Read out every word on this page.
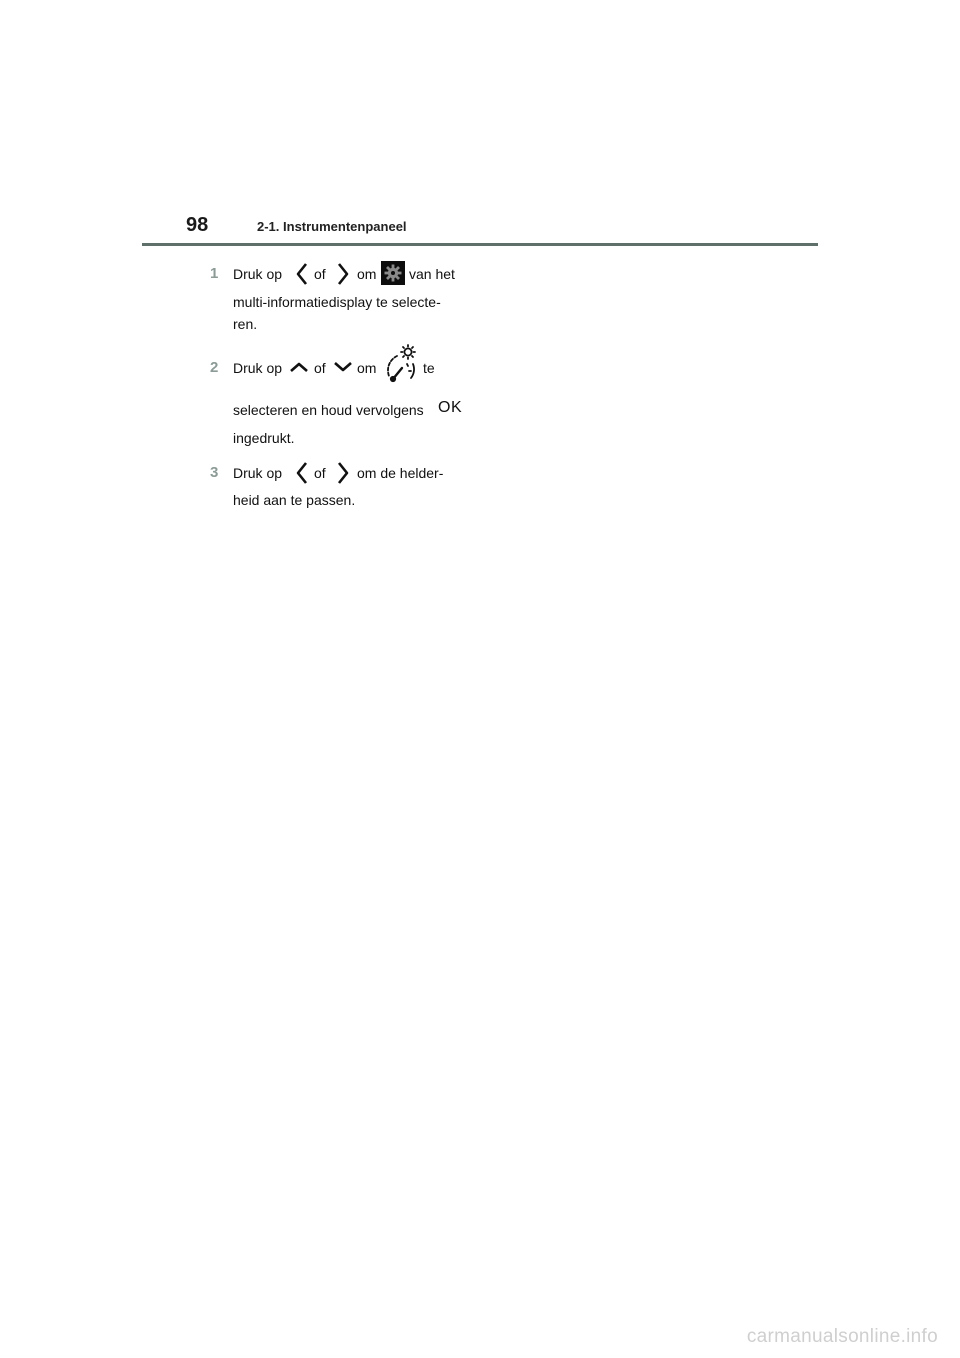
98	2-1. Instrumentenpaneel
1	Druk op of om van het
multi-informatiedisplay te selecte-
ren.
2	Druk op of om	te
selecteren en houd vervolgens OK
ingedrukt.
3	Druk op of om de helder-
heid aan te passen.
carmanualsonline.info
